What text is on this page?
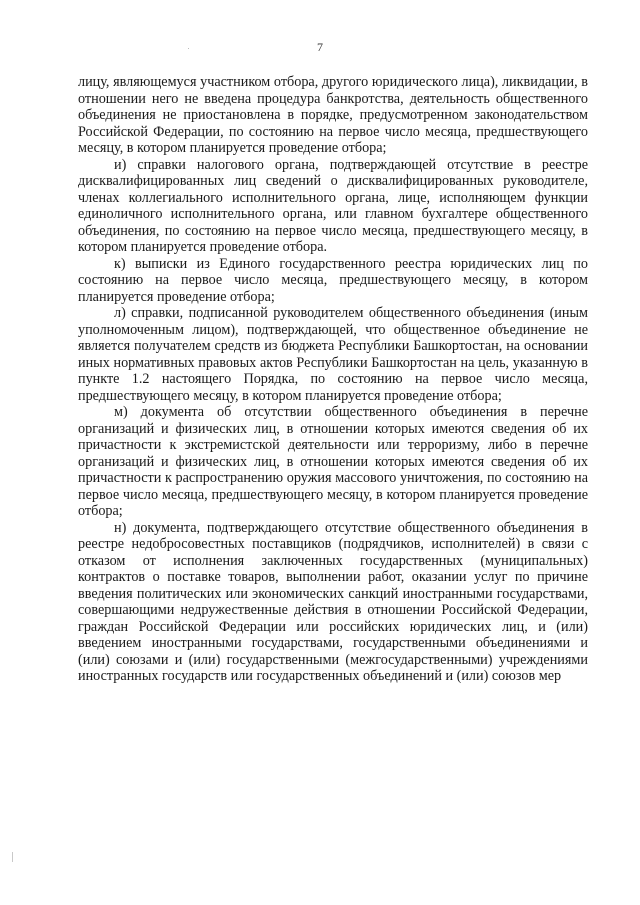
7

лицу, являющемуся участником отбора, другого юридического лица), ликвидации, в отношении него не введена процедура банкротства, деятельность общественного объединения не приостановлена в порядке, предусмотренном законодательством Российской Федерации, по состоянию на первое число месяца, предшествующего месяцу, в котором планируется проведение отбора;

и) справки налогового органа, подтверждающей отсутствие в реестре дисквалифицированных лиц сведений о дисквалифицированных руководителе, членах коллегиального исполнительного органа, лице, исполняющем функции единоличного исполнительного органа, или главном бухгалтере общественного объединения, по состоянию на первое число месяца, предшествующего месяцу, в котором планируется проведение отбора.

к) выписки из Единого государственного реестра юридических лиц по состоянию на первое число месяца, предшествующего месяцу, в котором планируется проведение отбора;

л) справки, подписанной руководителем общественного объединения (иным уполномоченным лицом), подтверждающей, что общественное объединение не является получателем средств из бюджета Республики Башкортостан, на основании иных нормативных правовых актов Республики Башкортостан на цель, указанную в пункте 1.2 настоящего Порядка, по состоянию на первое число месяца, предшествующего месяцу, в котором планируется проведение отбора;

м) документа об отсутствии общественного объединения в перечне организаций и физических лиц, в отношении которых имеются сведения об их причастности к экстремистской деятельности или терроризму, либо в перечне организаций и физических лиц, в отношении которых имеются сведения об их причастности к распространению оружия массового уничтожения, по состоянию на первое число месяца, предшествующего месяцу, в котором планируется проведение отбора;

н) документа, подтверждающего отсутствие общественного объединения в реестре недобросовестных поставщиков (подрядчиков, исполнителей) в связи с отказом от исполнения заключенных государственных (муниципальных) контрактов о поставке товаров, выполнении работ, оказании услуг по причине введения политических или экономических санкций иностранными государствами, совершающими недружественные действия в отношении Российской Федерации, граждан Российской Федерации или российских юридических лиц, и (или) введением иностранными государствами, государственными объединениями и (или) союзами и (или) государственными (межгосударственными) учреждениями иностранных государств или государственных объединений и (или) союзов мер
